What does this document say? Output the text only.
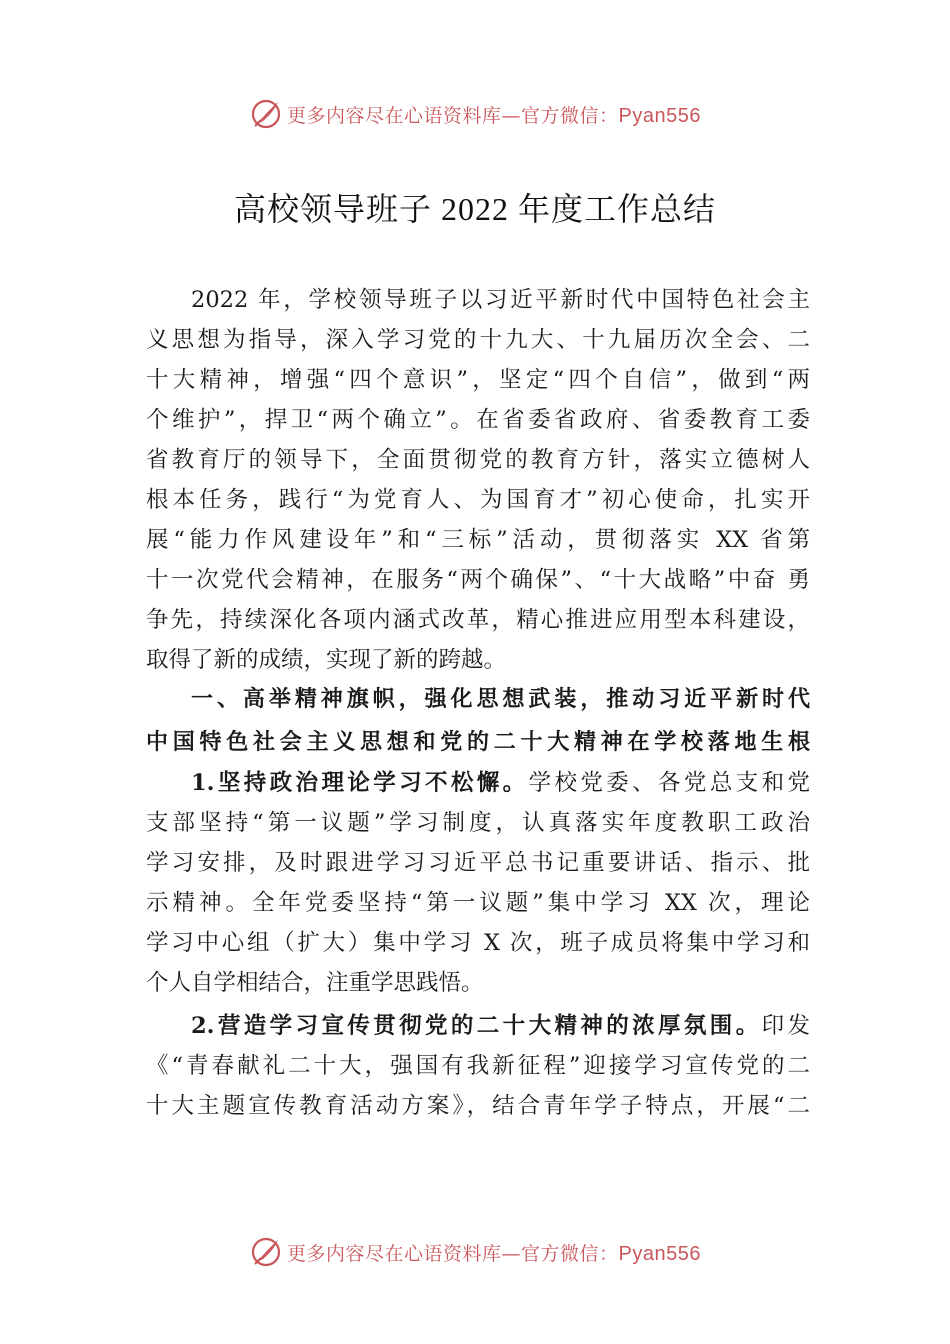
更多内容尽在心语资料库—官方微信：Pyan556
高校领导班子 2022 年度工作总结
2022 年，学校领导班子以习近平新时代中国特色社会主
义思想为指导，深入学习党的十九大、十九届历次全会、二
十大精神，增强“四个意识”，坚定“四个自信”，做到“两
个维护”，捍卫“两个确立”。在省委省政府、省委教育工委
省教育厅的领导下，全面贯彻党的教育方针，落实立德树人
根本任务，践行“为党育人、为国育才”初心使命，扎实开
展“能力作风建设年”和“三标”活动，贯彻落实 XX 省第
十一次党代会精神，在服务“两个确保”、“十大战略”中奋 勇
争先，持续深化各项内涵式改革，精心推进应用型本科建设，
取得了新的成绩，实现了新的跨越。
一、高举精神旗帜，强化思想武装，推动习近平新时代
中国特色社会主义思想和党的二十大精神在学校落地生根
1.坚持政治理论学习不松懈。学校党委、各党总支和党
支部坚持“第一议题”学习制度，认真落实年度教职工政治
学习安排，及时跟进学习习近平总书记重要讲话、指示、批
示精神。全年党委坚持“第一议题”集中学习 XX 次，理论
学习中心组（扩大）集中学习 X 次，班子成员将集中学习和
个人自学相结合，注重学思践悟。
2.营造学习宣传贯彻党的二十大精神的浓厚氛围。印发
《“青春献礼二十大，强国有我新征程”迎接学习宣传党的二
十大主题宣传教育活动方案》，结合青年学子特点，开展“二
更多内容尽在心语资料库—官方微信：Pyan556
